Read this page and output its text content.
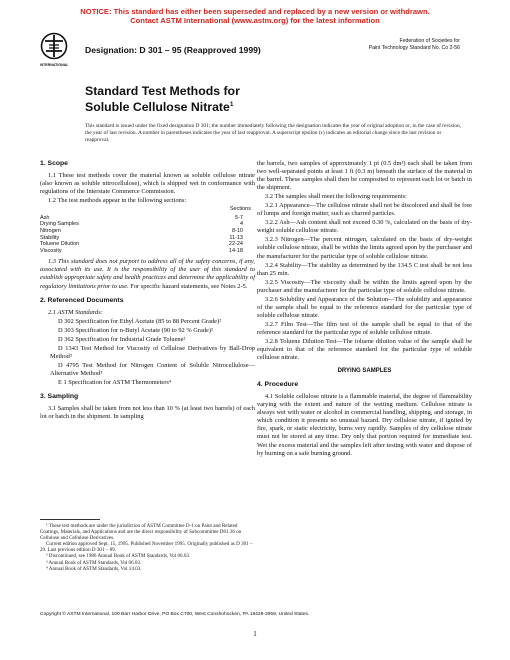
NOTICE: This standard has either been superseded and replaced by a new version or withdrawn.
Contact ASTM International (www.astm.org) for the latest information
INTERNATIONAL
Designation: D 301 – 95 (Reapproved 1999)
Federation of Societies for
Paint Technology Standard No. Co 2-56
Standard Test Methods for
Soluble Cellulose Nitrate$^1$
This standard is issued under the fixed designation D 301; the number immediately following the designation indicates the year of original adoption or, in the case of revision, the year of last revision. A number in parentheses indicates the year of last reapproval. A superscript epsilon (ε) indicates an editorial change since the last revision or reapproval.
1. Scope

1.1 These test methods cover the material known as soluble cellulose nitrate (also known as soluble nitrocellulose), which is shipped wet in conformance with regulations of the Interstate Commerce Commission.

1.2 The test methods appear in the following sections:

Sections
Ash	5-7
Drying Samples	4
Nitrogen	8-10
Stability	11-13
Toluene Dilution	22-24
Viscosity	14-18

1.3 This standard does not purport to address all of the safety concerns, if any, associated with its use. It is the responsibility of the user of this standard to establish appropriate safety and health practices and determine the applicability of regulatory limitations prior to use. For specific hazard statements, see Notes 2-5.

2. Referenced Documents

2.1 ASTM Standards:

D 302 Specification for Ethyl Acetate (85 to 88 Percent Grade)²

D 303 Specification for n-Butyl Acetate (90 to 92 % Grade)²

D 362 Specification for Industrial Grade Toluene²

D 1343 Test Method for Viscosity of Cellulose Derivatives by Ball-Drop Method³

D 4795 Test Method for Nitrogen Content of Soluble Nitrocellulose—Alternative Method³

E 1 Specification for ASTM Thermometers⁴

3. Sampling

3.1 Samples shall be taken from not less than 10 % (at least two barrels) of each lot or batch in the shipment. In sampling

¹ These test methods are under the jurisdiction of ASTM Committee D-1 on Paint and Related Coatings, Materials, and Applications and are the direct responsibility of Subcommittee D01.36 on Cellulose and Cellulose Derivatives.
Current edition approved Sept. 15, 1995. Published November 1995. Originally published as D 301 – 29. Last previous edition D 301 – 89.
² Discontinued, see 1986 Annual Book of ASTM Standards, Vol 06.03.
³ Annual Book of ASTM Standards, Vol 06.03.
⁴ Annual Book of ASTM Standards, Vol 14.03.

the barrels, two samples of approximately 1 pt (0.5 dm³) each shall be taken from two well-separated points at least 1 ft (0.3 m) beneath the surface of the material in the barrel. These samples shall then be composited to represent each lot or batch in the shipment.

3.2 The samples shall meet the following requirements:

3.2.1 Appearance—The cellulose nitrate shall not be discolored and shall be free of lumps and foreign matter, such as charred particles.

3.2.2 Ash—Ash content shall not exceed 0.30 %, calculated on the basis of dry-weight soluble cellulose nitrate.

3.2.3 Nitrogen—The percent nitrogen, calculated on the basis of dry-weight soluble cellulose nitrate, shall be within the limits agreed upon by the purchaser and the manufacturer for the particular type of soluble cellulose nitrate.

3.2.4 Stability—The stability as determined by the 134.5 C test shall be not less than 25 min.

3.2.5 Viscosity—The viscosity shall be within the limits agreed upon by the purchaser and the manufacturer for the particular type of soluble cellulose nitrate.

3.2.6 Solubility and Appearance of the Solution—The solubility and appearance of the sample shall be equal to the reference standard for the particular type of soluble cellulose nitrate.

3.2.7 Film Test—The film test of the sample shall be equal to that of the reference standard for the particular type of soluble cellulose nitrate.

3.2.8 Toluene Dilution Test—The toluene dilution value of the sample shall be equivalent to that of the reference standard for the particular type of soluble cellulose nitrate.

DRYING SAMPLES
4. Procedure

4.1 Soluble cellulose nitrate is a flammable material, the degree of flammability varying with the extent and nature of the wetting medium. Cellulose nitrate is always wet with water or alcohol in commercial handling, shipping, and storage, in which condition it presents no unusual hazard. Dry cellulose nitrate, if ignited by fire, spark, or static electricity, burns very rapidly. Samples of dry cellulose nitrate must not be stored at any time. Dry only that portion required for immediate test. Wet the excess material and the samples left after testing with water and dispose of by burning on a safe burning ground.

Copyright © ASTM International, 100 Barr Harbor Drive, PO Box C700, West Conshohocken, PA 19428-2959, United States.
1
